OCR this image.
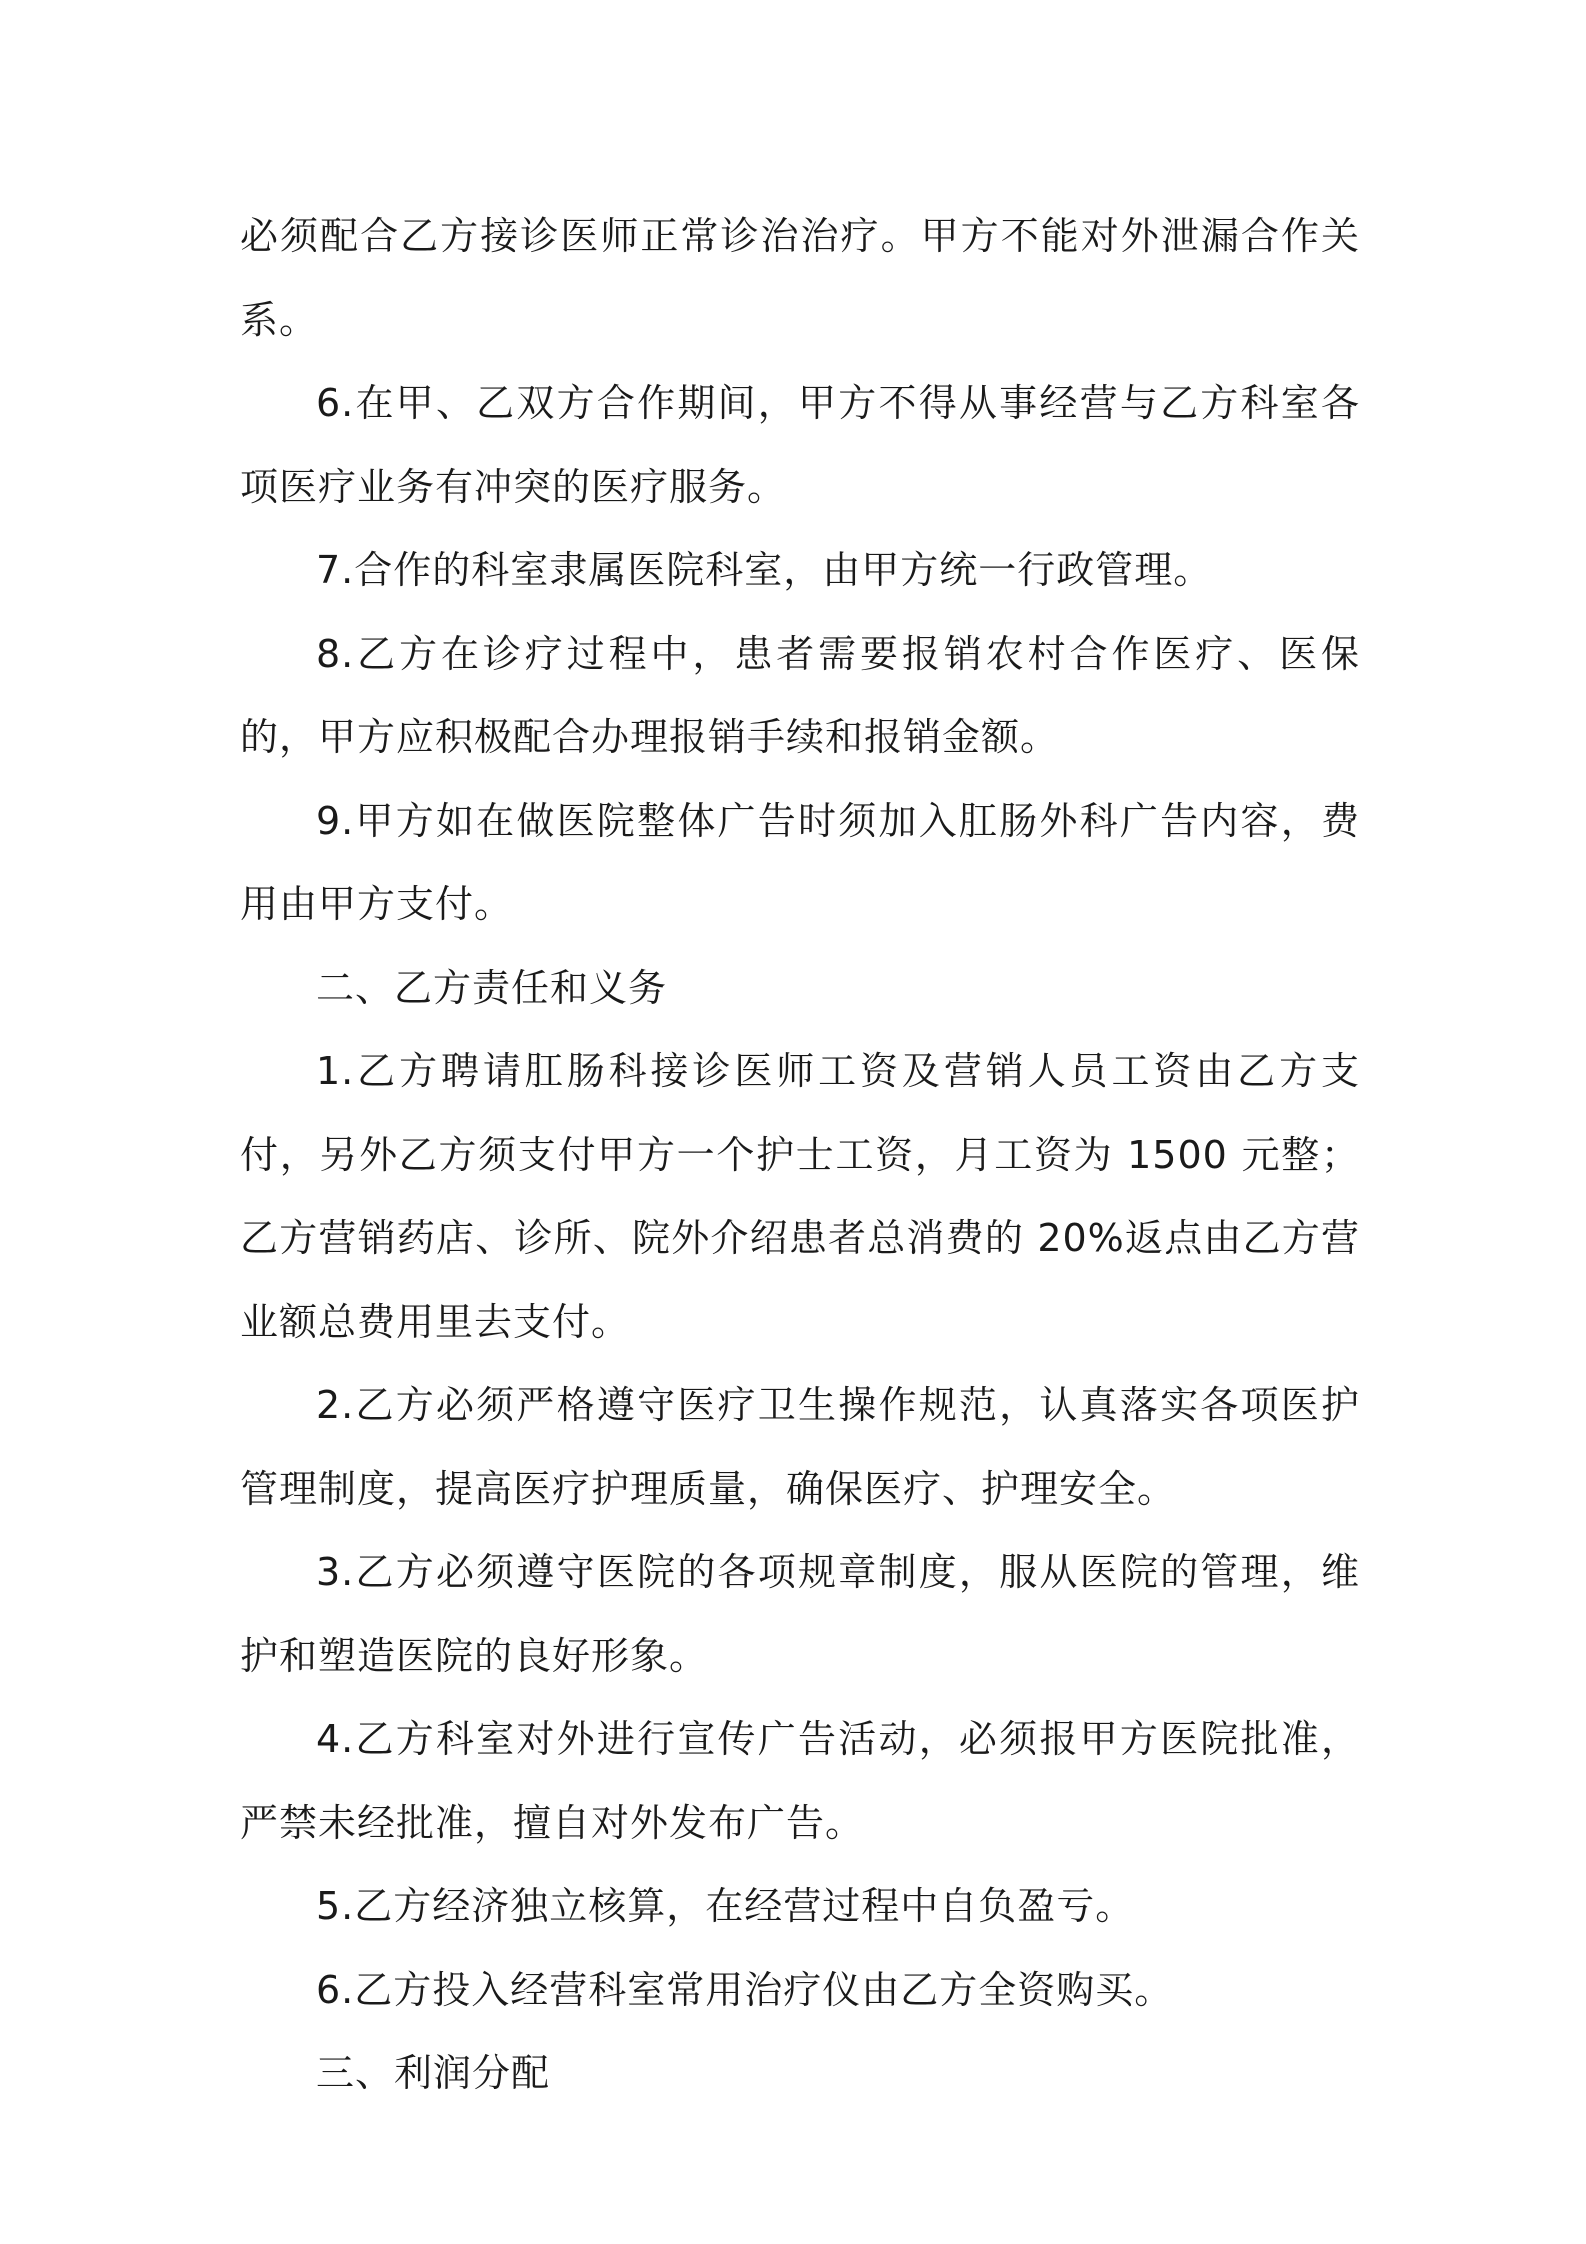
必须配合乙方接诊医师正常诊治治疗。甲方不能对外泄漏合作关系。

6.在甲、乙双方合作期间，甲方不得从事经营与乙方科室各项医疗业务有冲突的医疗服务。

7.合作的科室隶属医院科室，由甲方统一行政管理。

8.乙方在诊疗过程中，患者需要报销农村合作医疗、医保的，甲方应积极配合办理报销手续和报销金额。

9.甲方如在做医院整体广告时须加入肛肠外科广告内容，费用由甲方支付。

二、乙方责任和义务

1.乙方聘请肛肠科接诊医师工资及营销人员工资由乙方支付，另外乙方须支付甲方一个护士工资，月工资为 1500 元整；乙方营销药店、诊所、院外介绍患者总消费的 20%返点由乙方营业额总费用里去支付。

2.乙方必须严格遵守医疗卫生操作规范，认真落实各项医护管理制度，提高医疗护理质量，确保医疗、护理安全。

3.乙方必须遵守医院的各项规章制度，服从医院的管理，维护和塑造医院的良好形象。

4.乙方科室对外进行宣传广告活动，必须报甲方医院批准，严禁未经批准，擅自对外发布广告。

5.乙方经济独立核算，在经营过程中自负盈亏。

6.乙方投入经营科室常用治疗仪由乙方全资购买。

三、利润分配
